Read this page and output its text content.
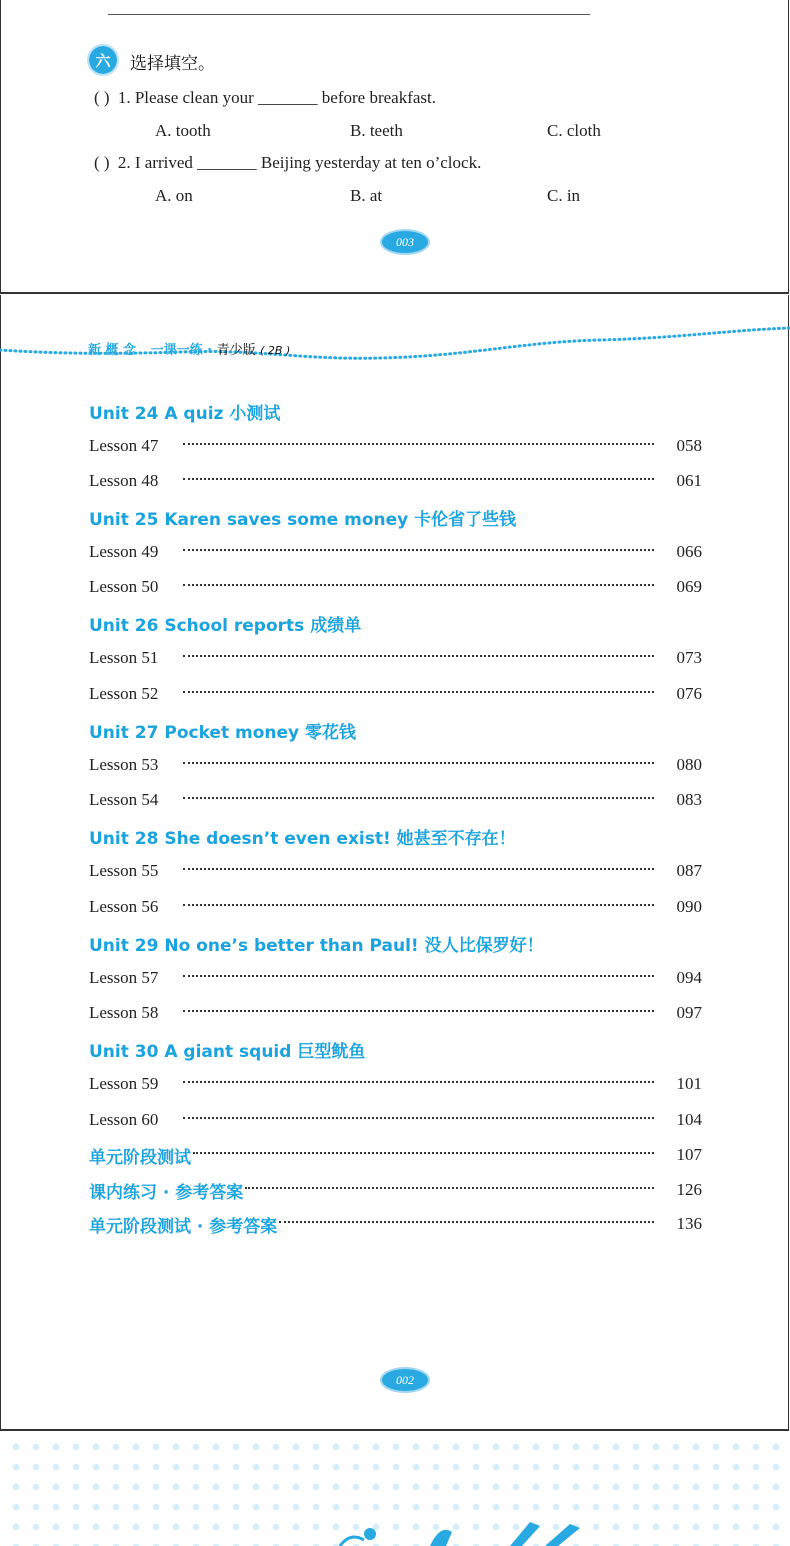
六	选择填空。
( ) 1. Please clean your _______ before breakfast.
A. tooth	B. teeth	C. cloth
( ) 2. I arrived _______ Beijing yesterday at ten o’clock.
A. on	B. at	C. in
003
新 概 念 一课一练 · 青少版 ( 2B )
Unit 24 A quiz 小测试
Lesson 47	058
Lesson 48	061
Unit 25 Karen saves some money 卡伦省了些钱
Lesson 49	066
Lesson 50	069
Unit 26 School reports 成绩单
Lesson 51	073
Lesson 52	076
Unit 27 Pocket money 零花钱
Lesson 53	080
Lesson 54	083
Unit 28 She doesn’t even exist! 她甚至不存在！
Lesson 55	087
Lesson 56	090
Unit 29 No one’s better than Paul! 没人比保罗好！
Lesson 57	094
Lesson 58	097
Unit 30 A giant squid 巨型鱿鱼
Lesson 59	101
Lesson 60	104
单元阶段测试	107
课内练习 · 参考答案	126
单元阶段测试 · 参考答案	136
002
